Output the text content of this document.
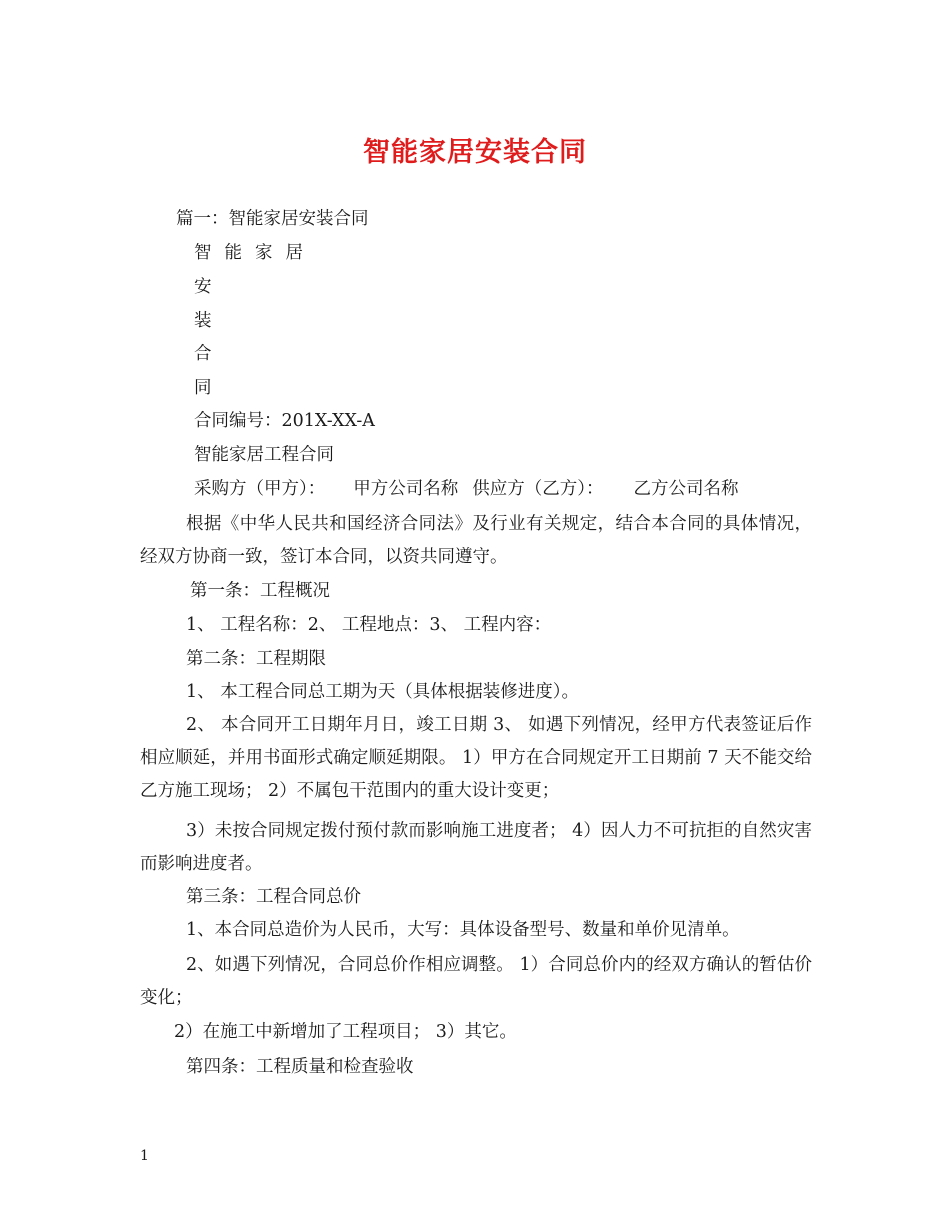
智能家居安装合同

篇一：智能家居安装合同

智能家居

安

装

合

同

合同编号：201X-XX-A

智能家居工程合同

采购方（甲方）： 甲方公司名称 供应方（乙方）： 乙方公司名称

根据《中华人民共和国经济合同法》及行业有关规定，结合本合同的具体情况，经双方协商一致，签订本合同，以资共同遵守。

第一条：工程概况

1、 工程名称：2、 工程地点：3、 工程内容：

第二条：工程期限

1、 本工程合同总工期为天（具体根据装修进度）。

2、 本合同开工日期年月日，竣工日期 3、 如遇下列情况，经甲方代表签证后作相应顺延，并用书面形式确定顺延期限。 1）甲方在合同规定开工日期前 7 天不能交给乙方施工现场； 2）不属包干范围内的重大设计变更；

3）未按合同规定拨付预付款而影响施工进度者； 4）因人力不可抗拒的自然灾害而影响进度者。

第三条：工程合同总价

1、本合同总造价为人民币，大写：具体设备型号、数量和单价见清单。

2、如遇下列情况，合同总价作相应调整。 1）合同总价内的经双方确认的暂估价变化；

2）在施工中新增加了工程项目； 3）其它。

第四条：工程质量和检查验收

1
